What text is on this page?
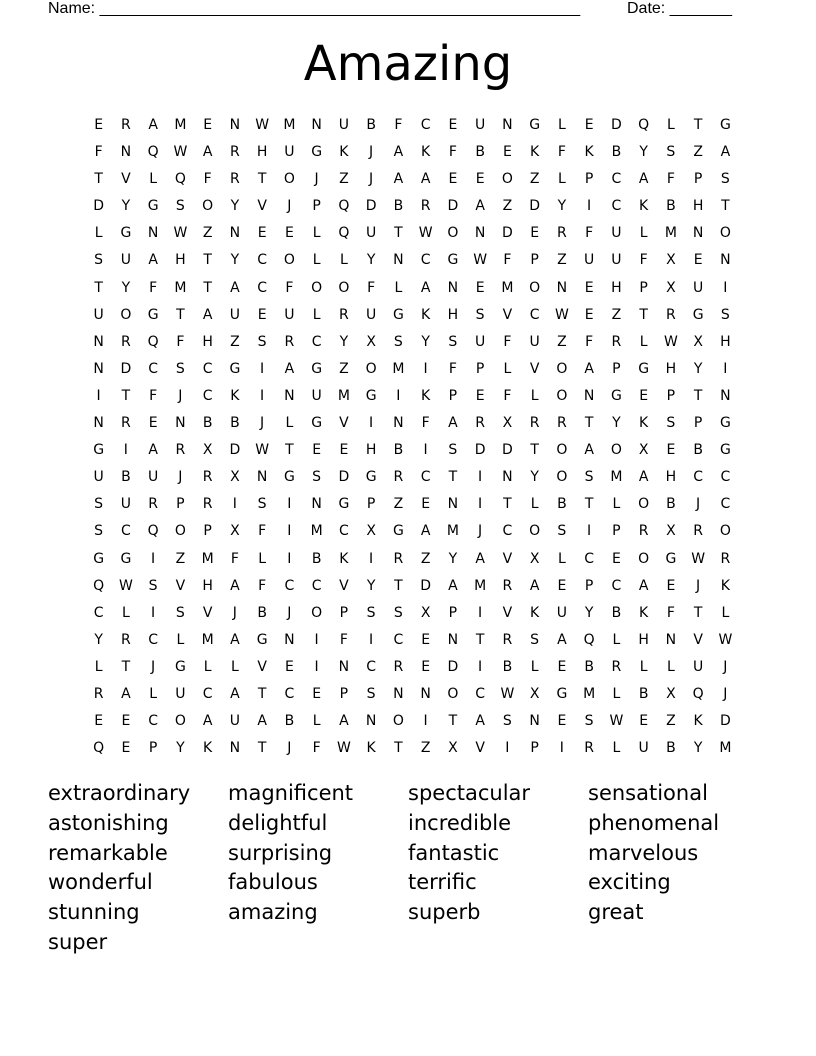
Name: ______________________________________________________	Date: _______
Amazing
E	R	A	M	E	N	W	M	N	U	B	F	C	E	U	N	G	L	E	D	Q	L	T	G
F	N	Q	W	A	R	H	U	G	K	J	A	K	F	B	E	K	F	K	B	Y	S	Z	A
T	V	L	Q	F	R	T	O	J	Z	J	A	A	E	E	O	Z	L	P	C	A	F	P	S
D	Y	G	S	O	Y	V	J	P	Q	D	B	R	D	A	Z	D	Y	I	C	K	B	H	T
L	G	N	W	Z	N	E	E	L	Q	U	T	W	O	N	D	E	R	F	U	L	M	N	O
S	U	A	H	T	Y	C	O	L	L	Y	N	C	G	W	F	P	Z	U	U	F	X	E	N
T	Y	F	M	T	A	C	F	O	O	F	L	A	N	E	M	O	N	E	H	P	X	U	I
U	O	G	T	A	U	E	U	L	R	U	G	K	H	S	V	C	W	E	Z	T	R	G	S
N	R	Q	F	H	Z	S	R	C	Y	X	S	Y	S	U	F	U	Z	F	R	L	W	X	H
N	D	C	S	C	G	I	A	G	Z	O	M	I	F	P	L	V	O	A	P	G	H	Y	I
I	T	F	J	C	K	I	N	U	M	G	I	K	P	E	F	L	O	N	G	E	P	T	N
N	R	E	N	B	B	J	L	G	V	I	N	F	A	R	X	R	R	T	Y	K	S	P	G
G	I	A	R	X	D	W	T	E	E	H	B	I	S	D	D	T	O	A	O	X	E	B	G
U	B	U	J	R	X	N	G	S	D	G	R	C	T	I	N	Y	O	S	M	A	H	C	C
S	U	R	P	R	I	S	I	N	G	P	Z	E	N	I	T	L	B	T	L	O	B	J	C
S	C	Q	O	P	X	F	I	M	C	X	G	A	M	J	C	O	S	I	P	R	X	R	O
G	G	I	Z	M	F	L	I	B	K	I	R	Z	Y	A	V	X	L	C	E	O	G	W	R
Q	W	S	V	H	A	F	C	C	V	Y	T	D	A	M	R	A	E	P	C	A	E	J	K
C	L	I	S	V	J	B	J	O	P	S	S	X	P	I	V	K	U	Y	B	K	F	T	L
Y	R	C	L	M	A	G	N	I	F	I	C	E	N	T	R	S	A	Q	L	H	N	V	W
L	T	J	G	L	L	V	E	I	N	C	R	E	D	I	B	L	E	B	R	L	L	U	J
R	A	L	U	C	A	T	C	E	P	S	N	N	O	C	W	X	G	M	L	B	X	Q	J
E	E	C	O	A	U	A	B	L	A	N	O	I	T	A	S	N	E	S	W	E	Z	K	D
Q	E	P	Y	K	N	T	J	F	W	K	T	Z	X	V	I	P	I	R	L	U	B	Y	M
extraordinary	magnificent	spectacular	sensational
astonishing	delightful	incredible	phenomenal
remarkable	surprising	fantastic	marvelous
wonderful	fabulous	terrific	exciting
stunning	amazing	superb	great
super
